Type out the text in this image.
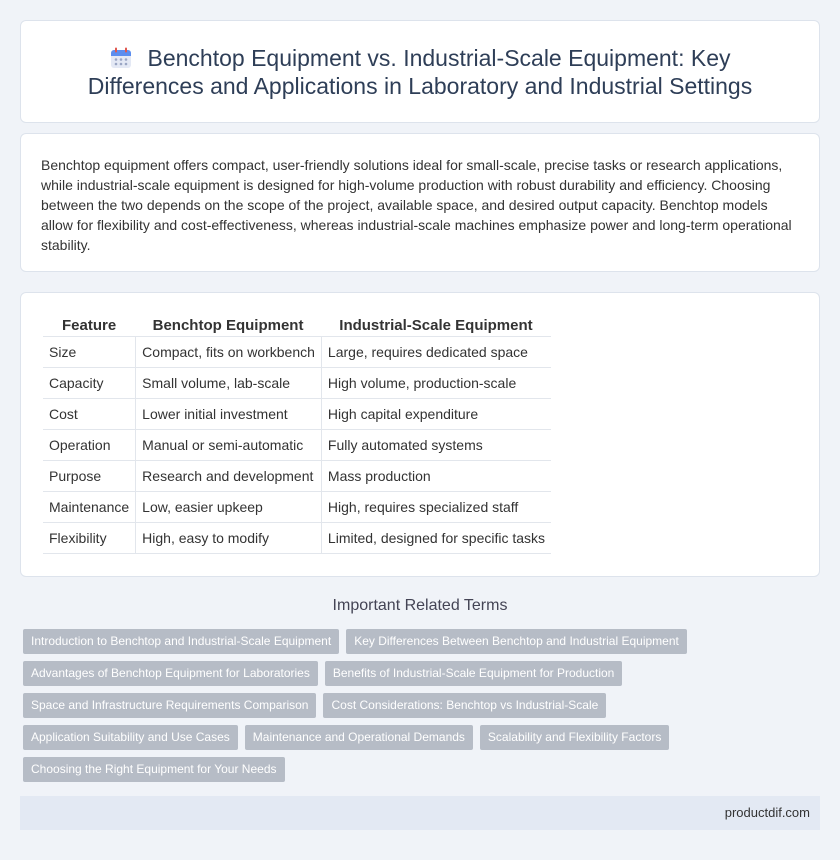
Benchtop Equipment vs. Industrial-Scale Equipment: Key Differences and Applications in Laboratory and Industrial Settings

Benchtop equipment offers compact, user-friendly solutions ideal for small-scale, precise tasks or research applications, while industrial-scale equipment is designed for high-volume production with robust durability and efficiency. Choosing between the two depends on the scope of the project, available space, and desired output capacity. Benchtop models allow for flexibility and cost-effectiveness, whereas industrial-scale machines emphasize power and long-term operational stability.

Feature	Benchtop Equipment	Industrial-Scale Equipment
Size	Compact, fits on workbench	Large, requires dedicated space
Capacity	Small volume, lab-scale	High volume, production-scale
Cost	Lower initial investment	High capital expenditure
Operation	Manual or semi-automatic	Fully automated systems
Purpose	Research and development	Mass production
Maintenance	Low, easier upkeep	High, requires specialized staff
Flexibility	High, easy to modify	Limited, designed for specific tasks
Important Related Terms
Introduction to Benchtop and Industrial-Scale Equipment	Key Differences Between Benchtop and Industrial Equipment
Advantages of Benchtop Equipment for Laboratories	Benefits of Industrial-Scale Equipment for Production
Space and Infrastructure Requirements Comparison	Cost Considerations: Benchtop vs Industrial-Scale
Application Suitability and Use Cases	Maintenance and Operational Demands	Scalability and Flexibility Factors
Choosing the Right Equipment for Your Needs
productdif.com
